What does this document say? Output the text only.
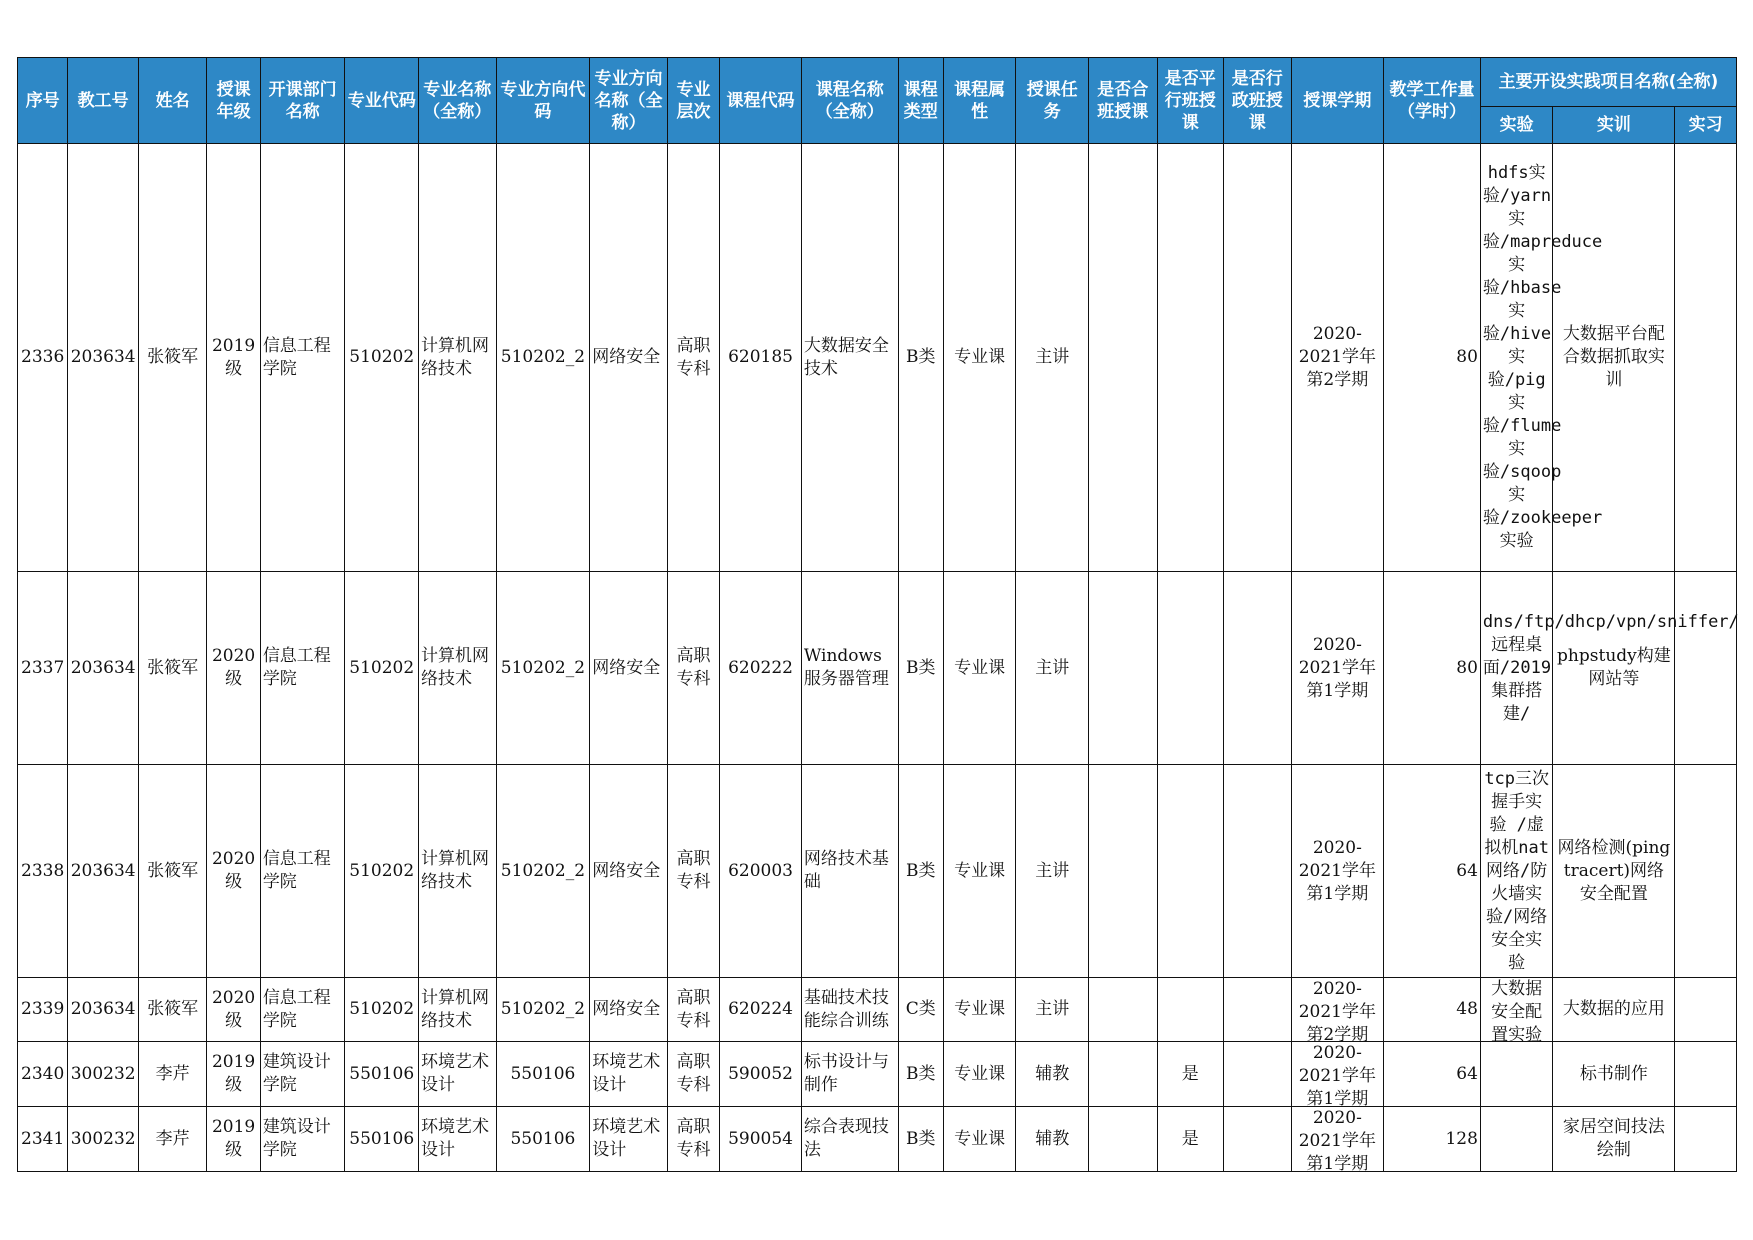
序号	教工号	姓名	授课年级	开课部门名称	专业代码	专业名称（全称）	专业方向代码	专业方向名称（全称）	专业层次	课程代码	课程名称（全称）	课程类型	课程属性	授课任务	是否合班授课	是否平行班授课	是否行政班授课	授课学期	教学工作量（学时）	主要开设实践项目名称(全称)		
																				实验	实训	实习

2336	203634	张筱军	2019级	信息工程学院	510202	计算机网络技术	510202_2	网络安全	高职专科	620185	大数据安全技术	B类	专业课	主讲				2020-2021学年第2学期	80	hdfs实验/yarn实验/mapreduce实验/hbase实验/hive实验/pig实验/flume实验/sqoop实验/zookeeper实验	大数据平台配合数据抓取实训	

2337	203634	张筱军	2020级	信息工程学院	510202	计算机网络技术	510202_2	网络安全	高职专科	620222	Windows服务器管理	B类	专业课	主讲				2020-2021学年第1学期	80	dns/ftp/dhcp/vpn/sniffer/ 远程桌面/2019集群搭建/	phpstudy构建网站等	

2338	203634	张筱军	2020级	信息工程学院	510202	计算机网络技术	510202_2	网络安全	高职专科	620003	网络技术基础	B类	专业课	主讲				2020-2021学年第1学期	64	tcp三次握手实验 /虚拟机nat网络/防火墙实验/网络安全实验	网络检测(ping tracert)网络安全配置	

2339	203634	张筱军	2020级	信息工程学院	510202	计算机网络技术	510202_2	网络安全	高职专科	620224	基础技术技能综合训练	C类	专业课	主讲				2020-2021学年第2学期	48	大数据安全配置实验	大数据的应用	

2340	300232	李芹	2019级	建筑设计学院	550106	环境艺术设计	550106	环境艺术设计	高职专科	590052	标书设计与制作	B类	专业课	辅教		是		2020-2021学年第1学期	64		标书制作	

2341	300232	李芹	2019级	建筑设计学院	550106	环境艺术设计	550106	环境艺术设计	高职专科	590054	综合表现技法	B类	专业课	辅教		是		2020-2021学年第1学期	128		家居空间技法绘制	
